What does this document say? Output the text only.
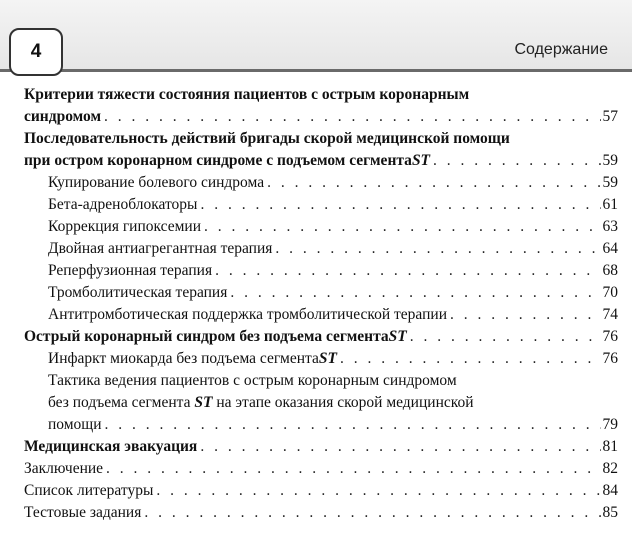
4	Содержание
Критерии тяжести состояния пациентов с острым коронарным
синдромом . . .	57
Последовательность действий бригады скорой медицинской помощи
при остром коронарном синдроме с подъемом сегмента ST . . .	59
Купирование болевого синдрома . . .	59
Бета-адреноблокаторы . . .	61
Коррекция гипоксемии . . .	63
Двойная антиагрегантная терапия . . .	64
Реперфузионная терапия . . .	68
Тромболитическая терапия . . .	70
Антитромботическая поддержка тромболитической терапии . . .	74
Острый коронарный синдром без подъема сегмента ST . . .	76
Инфаркт миокарда без подъема сегмента ST . . .	76
Тактика ведения пациентов с острым коронарным синдромом
без подъема сегмента ST на этапе оказания скорой медицинской
помощи . . .	79
Медицинская эвакуация . . .	81
Заключение . . .	82
Список литературы . . .	84
Тестовые задания . . .	85
